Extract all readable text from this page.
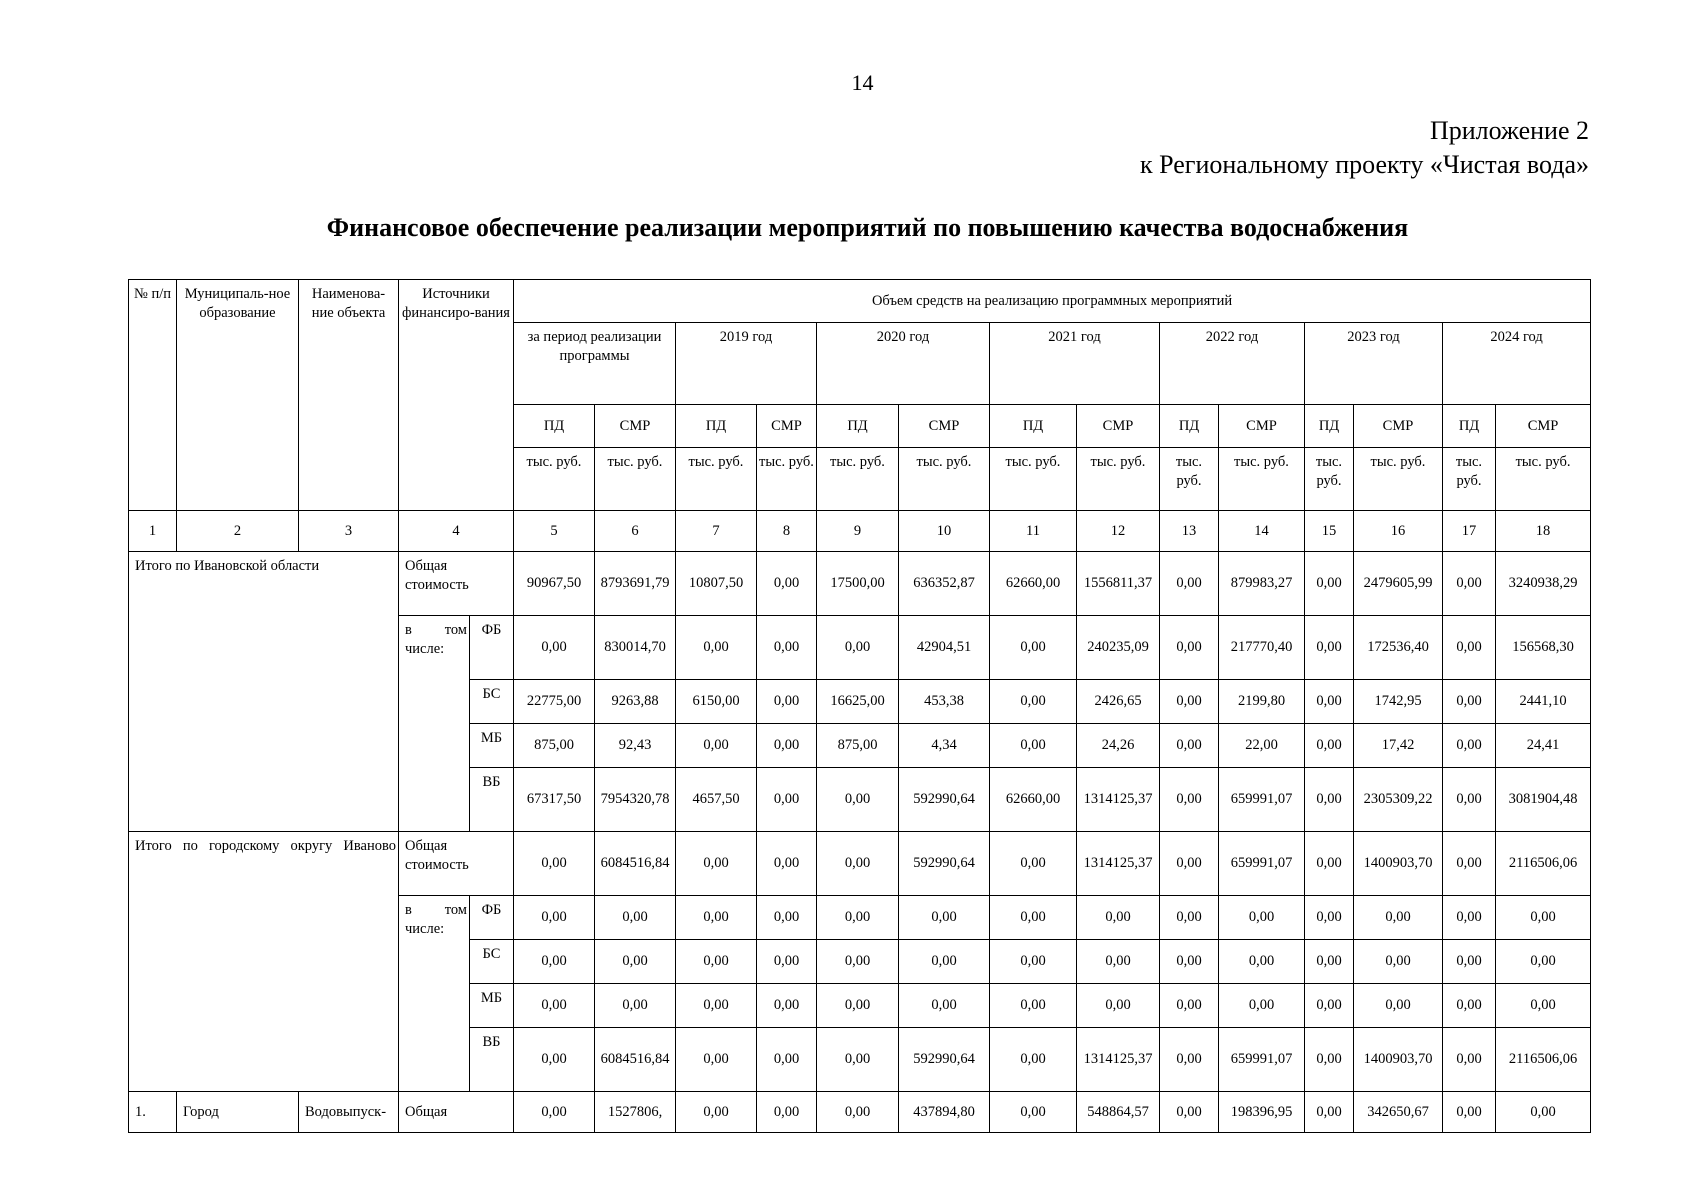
14
Приложение 2
к Региональному проекту «Чистая вода»
Финансовое обеспечение реализации мероприятий по повышению качества водоснабжения
№ п/п	Муниципаль-ное образование	Наименова-ние объекта	Источники финансиро-вания		Объем средств на реализацию программных мероприятий													
					за период реализации программы		2019 год		2020 год		2021 год		2022 год		2023 год		2024 год	
					ПД	СМР	ПД	СМР	ПД	СМР	ПД	СМР	ПД	СМР	ПД	СМР	ПД	СМР
					тыс. руб.	тыс. руб.	тыс. руб.	тыс. руб.	тыс. руб.	тыс. руб.	тыс. руб.	тыс. руб.	тыс. руб.	тыс. руб.	тыс. руб.	тыс. руб.	тыс. руб.	тыс. руб.
1	2	3	4		5	6	7	8	9	10	11	12	13	14	15	16	17	18
Итого по Ивановской области			Общая стоимость		90967,50	8793691,79	10807,50	0,00	17500,00	636352,87	62660,00	1556811,37	0,00	879983,27	0,00	2479605,99	0,00	3240938,29

			в том числе:	ФБ	0,00	830014,70	0,00	0,00	0,00	42904,51	0,00	240235,09	0,00	217770,40	0,00	172536,40	0,00	156568,30
				БС	22775,00	9263,88	6150,00	0,00	16625,00	453,38	0,00	2426,65	0,00	2199,80	0,00	1742,95	0,00	2441,10
				МБ	875,00	92,43	0,00	0,00	875,00	4,34	0,00	24,26	0,00	22,00	0,00	17,42	0,00	24,41
				ВБ	67317,50	7954320,78	4657,50	0,00	0,00	592990,64	62660,00	1314125,37	0,00	659991,07	0,00	2305309,22	0,00	3081904,48

Итого по городскому округу Иваново			Общая стоимость		0,00	6084516,84	0,00	0,00	0,00	592990,64	0,00	1314125,37	0,00	659991,07	0,00	1400903,70	0,00	2116506,06

			в том числе:	ФБ	0,00	0,00	0,00	0,00	0,00	0,00	0,00	0,00	0,00	0,00	0,00	0,00	0,00	0,00
				БС	0,00	0,00	0,00	0,00	0,00	0,00	0,00	0,00	0,00	0,00	0,00	0,00	0,00	0,00
				МБ	0,00	0,00	0,00	0,00	0,00	0,00	0,00	0,00	0,00	0,00	0,00	0,00	0,00	0,00
				ВБ	0,00	6084516,84	0,00	0,00	0,00	592990,64	0,00	1314125,37	0,00	659991,07	0,00	1400903,70	0,00	2116506,06

1.	Город	Водовыпуск-	Общая		0,00	1527806,	0,00	0,00	0,00	437894,80	0,00	548864,57	0,00	198396,95	0,00	342650,67	0,00	0,00
